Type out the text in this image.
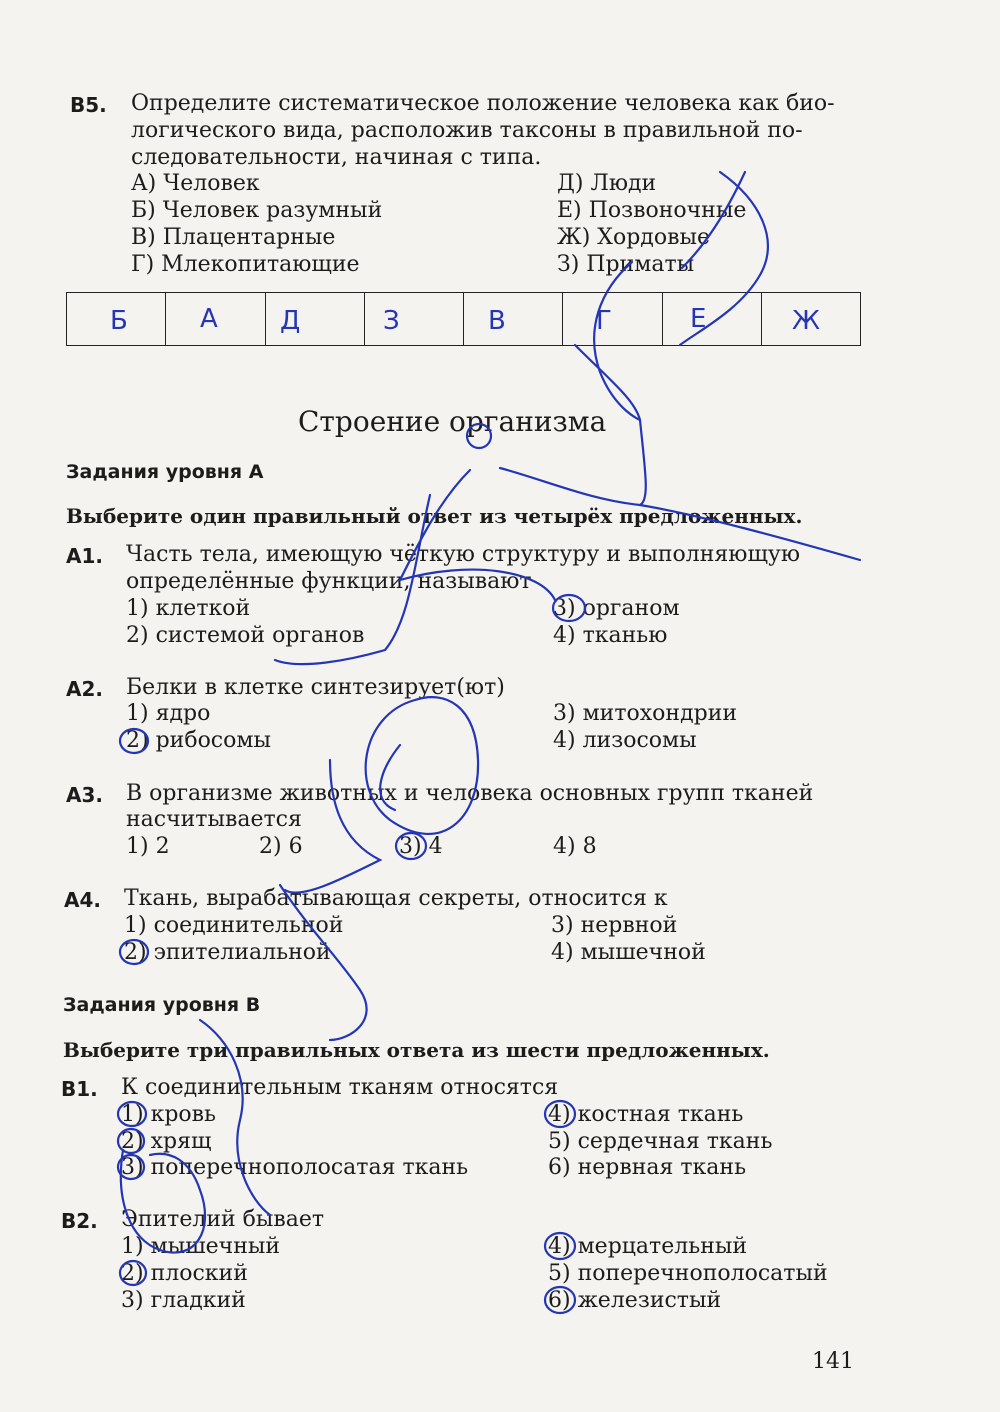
В5. Определите систематическое положение человека как био-
логического вида, расположив таксоны в правильной по-
следовательности, начиная с типа.
А) Человек
Б) Человек разумный
В) Плацентарные
Г) Млекопитающие
Д) Люди
Е) Позвоночные
Ж) Хордовые
З) Приматы

Б	А Д	З	В	Г	Е	Ж
Строение организма
Задания уровня А
Выберите один правильный ответ из четырёх предложенных.
А1. Часть тела, имеющую чёткую структуру и выполняющую
определённые функции, называют
1) клеткой	3) органом
2) системой органов	4) тканью
А2. Белки в клетке синтезирует(ют)
1) ядро	3) митохондрии
2) рибосомы	4) лизосомы
А3. В организме животных и человека основных групп тканей
насчитывается
1) 2	2) 6	3) 4	4) 8
А4. Ткань, вырабатывающая секреты, относится к
1) соединительной	3) нервной
2) эпителиальной	4) мышечной
Задания уровня В
Выберите три правильных ответа из шести предложенных.
В1. К соединительным тканям относятся
1) кровь	4) костная ткань
2) хрящ	5) сердечная ткань
3) поперечнополосатая ткань	6) нервная ткань
В2. Эпителий бывает
1) мышечный	4) мерцательный
2) плоский	5) поперечнополосатый
3) гладкий	6) железистый
141
